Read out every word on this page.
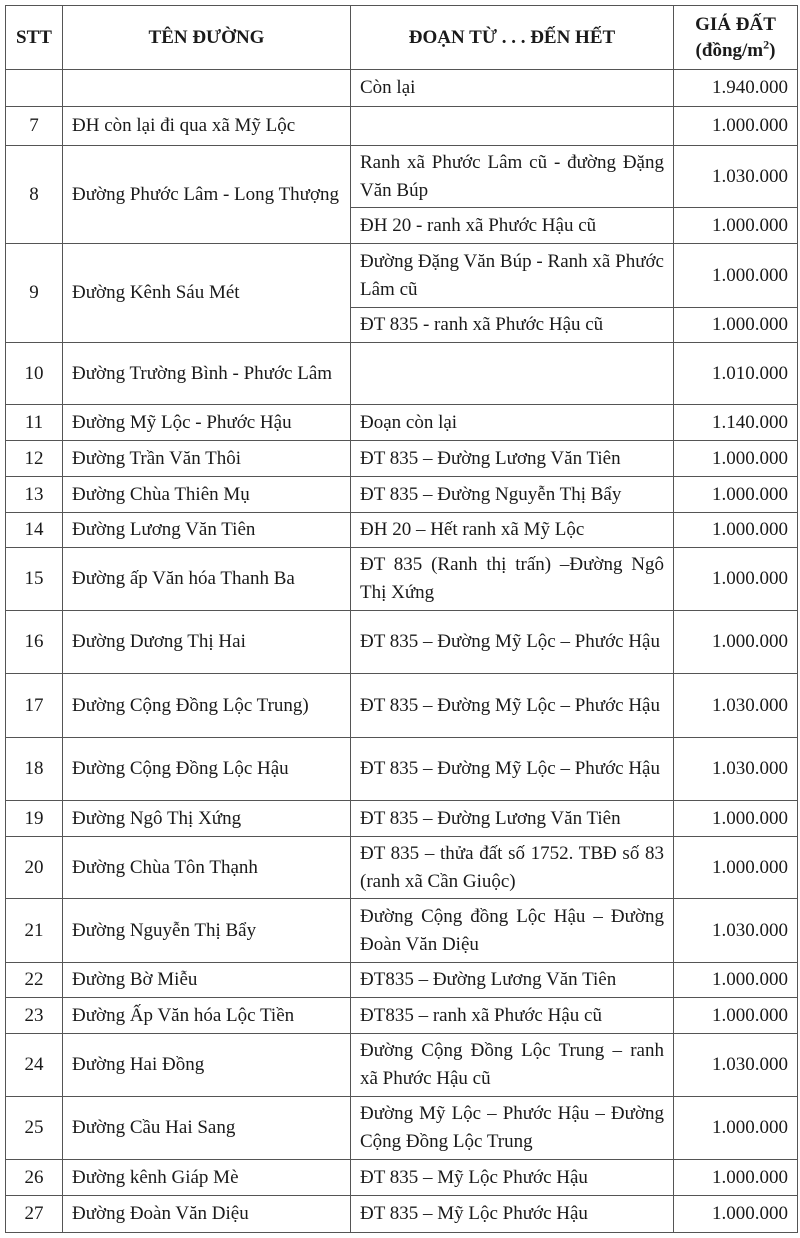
STT	TÊN ĐƯỜNG	ĐOẠN TỪ . . . ĐẾN HẾT	GIÁ ĐẤT
$(đồng/m^2)$
		Còn lại	1.940.000
7	ĐH còn lại đi qua xã Mỹ Lộc		1.000.000
8	Đường Phước Lâm - Long Thượng	Ranh xã Phước Lâm cũ - đường Đặng Văn Búp	1.030.000
		ĐH 20 - ranh xã Phước Hậu cũ	1.000.000
9	Đường Kênh Sáu Mét	Đường Đặng Văn Búp - Ranh xã Phước Lâm cũ	1.000.000
		ĐT 835 - ranh xã Phước Hậu cũ	1.000.000
10	Đường Trường Bình - Phước Lâm		1.010.000
11	Đường Mỹ Lộc - Phước Hậu	Đoạn còn lại	1.140.000
12	Đường Trần Văn Thôi	ĐT 835 – Đường Lương Văn Tiên	1.000.000
13	Đường Chùa Thiên Mụ	ĐT 835 – Đường Nguyễn Thị Bẩy	1.000.000
14	Đường Lương Văn Tiên	ĐH 20 – Hết ranh xã Mỹ Lộc	1.000.000
15	Đường ấp Văn hóa Thanh Ba	ĐT 835 (Ranh thị trấn) –Đường Ngô Thị Xứng	1.000.000
16	Đường Dương Thị Hai	ĐT 835 – Đường Mỹ Lộc – Phước Hậu	1.000.000
17	Đường Cộng Đồng Lộc Trung)	ĐT 835 – Đường Mỹ Lộc – Phước Hậu	1.030.000
18	Đường Cộng Đồng Lộc Hậu	ĐT 835 – Đường Mỹ Lộc – Phước Hậu	1.030.000
19	Đường Ngô Thị Xứng	ĐT 835 – Đường Lương Văn Tiên	1.000.000
20	Đường Chùa Tôn Thạnh	ĐT 835 – thửa đất số 1752. TBĐ số 83 (ranh xã Cần Giuộc)	1.000.000
21	Đường Nguyễn Thị Bẩy	Đường Cộng đồng Lộc Hậu – Đường Đoàn Văn Diệu	1.030.000
22	Đường Bờ Miễu	ĐT835 – Đường Lương Văn Tiên	1.000.000
23	Đường Ấp Văn hóa Lộc Tiền	ĐT835 – ranh xã Phước Hậu cũ	1.000.000
24	Đường Hai Đồng	Đường Cộng Đồng Lộc Trung – ranh xã Phước Hậu cũ	1.030.000
25	Đường Cầu Hai Sang	Đường Mỹ Lộc – Phước Hậu – Đường Cộng Đồng Lộc Trung	1.000.000
26	Đường kênh Giáp Mè	ĐT 835 – Mỹ Lộc Phước Hậu	1.000.000
27	Đường Đoàn Văn Diệu	ĐT 835 – Mỹ Lộc Phước Hậu	1.000.000
